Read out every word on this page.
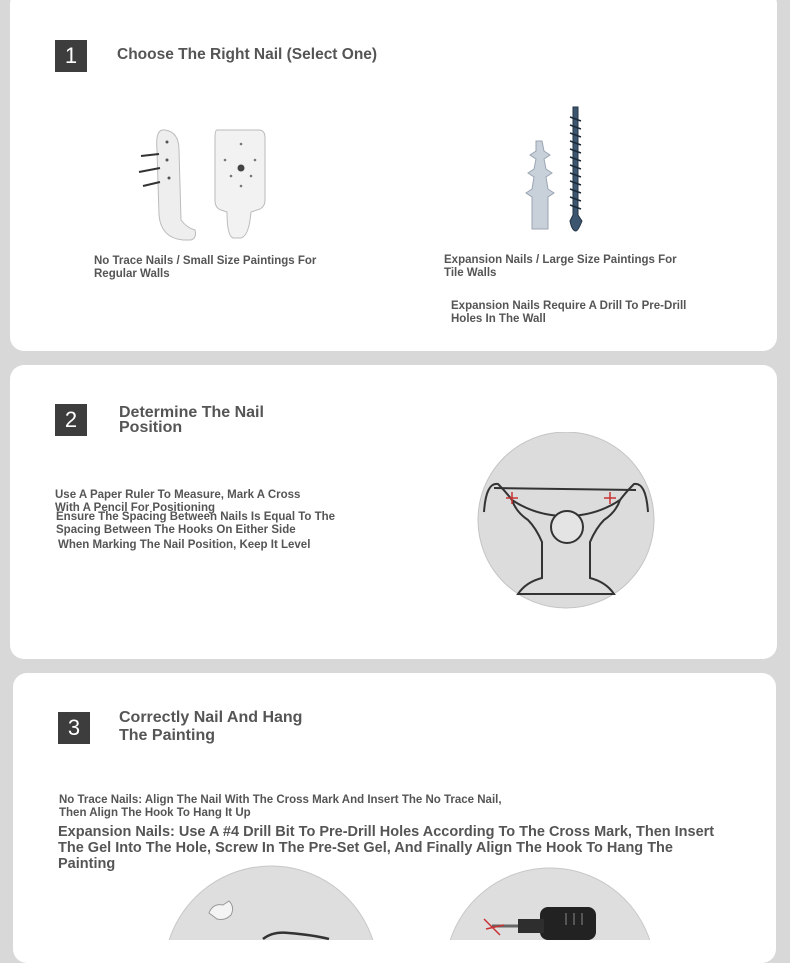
1	Choose The Right Nail (Select One)
No Trace Nails / Small Size Paintings For Regular Walls
Expansion Nails / Large Size Paintings For Tile Walls
Expansion Nails Require A Drill To Pre-Drill Holes In The Wall
2	Determine The Nail Position
Use A Paper Ruler To Measure, Mark A Cross With A Pencil For Positioning
Ensure The Spacing Between Nails Is Equal To The Spacing Between The Hooks On Either Side
When Marking The Nail Position, Keep It Level
3	Correctly Nail And Hang The Painting
No Trace Nails: Align The Nail With The Cross Mark And Insert The No Trace Nail, Then Align The Hook To Hang It Up
Expansion Nails: Use A #4 Drill Bit To Pre-Drill Holes According To The Cross Mark, Then Insert The Gel Into The Hole, Screw In The Pre-Set Gel, And Finally Align The Hook To Hang The Painting
